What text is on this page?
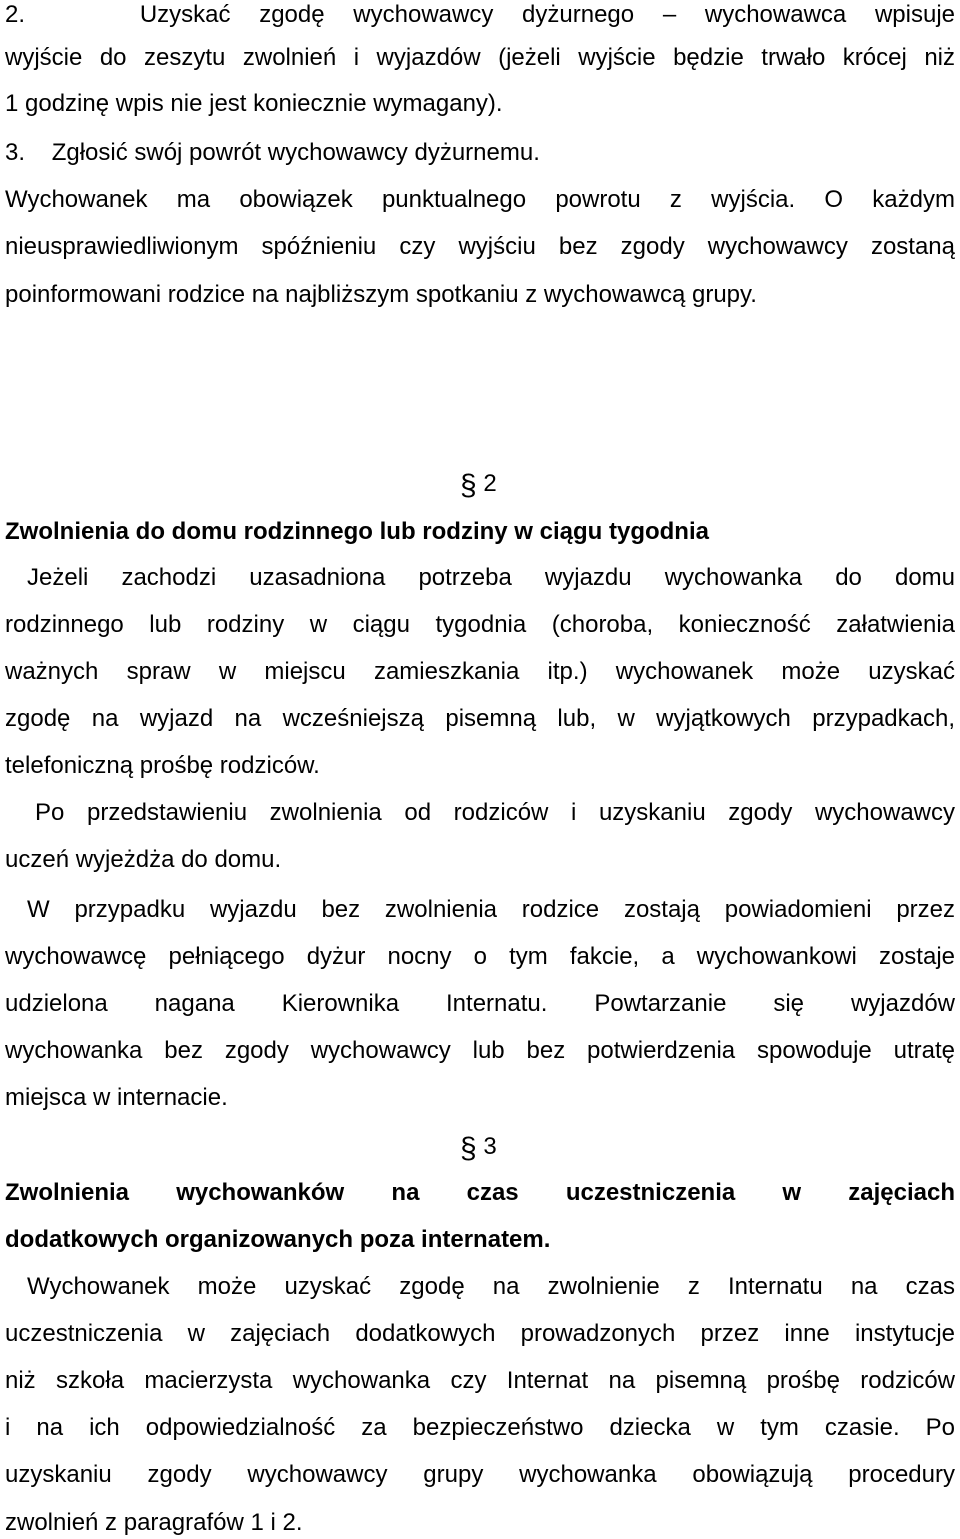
2.    Uzyskać zgodę wychowawcy dyżurnego – wychowawca wpisuje
wyjście do zeszytu zwolnień i wyjazdów (jeżeli wyjście będzie trwało krócej niż
1 godzinę wpis nie jest koniecznie wymagany).
3.    Zgłosić swój powrót wychowawcy dyżurnemu.
Wychowanek ma obowiązek punktualnego powrotu z wyjścia. O każdym
nieusprawiedliwionym spóźnieniu czy wyjściu bez zgody wychowawcy zostaną
poinformowani rodzice na najbliższym spotkaniu z wychowawcą grupy.
§ 2
Zwolnienia do domu rodzinnego lub rodziny w ciągu tygodnia
Jeżeli zachodzi uzasadniona potrzeba wyjazdu wychowanka do domu
rodzinnego lub rodziny w ciągu tygodnia (choroba, konieczność załatwienia
ważnych spraw w miejscu zamieszkania itp.) wychowanek może uzyskać
zgodę na wyjazd na wcześniejszą pisemną lub, w wyjątkowych przypadkach,
telefoniczną prośbę rodziców.
Po przedstawieniu zwolnienia od rodziców i uzyskaniu zgody wychowawcy
uczeń wyjeżdża do domu.
W przypadku wyjazdu bez zwolnienia rodzice zostają powiadomieni przez
wychowawcę pełniącego dyżur nocny o tym fakcie, a wychowankowi zostaje
udzielona nagana Kierownika Internatu. Powtarzanie się wyjazdów
wychowanka bez zgody wychowawcy lub bez potwierdzenia spowoduje utratę
miejsca w internacie.
§ 3
Zwolnienia wychowanków na czas uczestniczenia w zajęciach
dodatkowych organizowanych poza internatem.
Wychowanek może uzyskać zgodę na zwolnienie z Internatu na czas
uczestniczenia w zajęciach dodatkowych prowadzonych przez inne instytucje
niż szkoła macierzysta wychowanka czy Internat na pisemną prośbę rodziców
i na ich odpowiedzialność za bezpieczeństwo dziecka w tym czasie. Po
uzyskaniu zgody wychowawcy grupy wychowanka obowiązują procedury
zwolnień z paragrafów 1 i 2.
